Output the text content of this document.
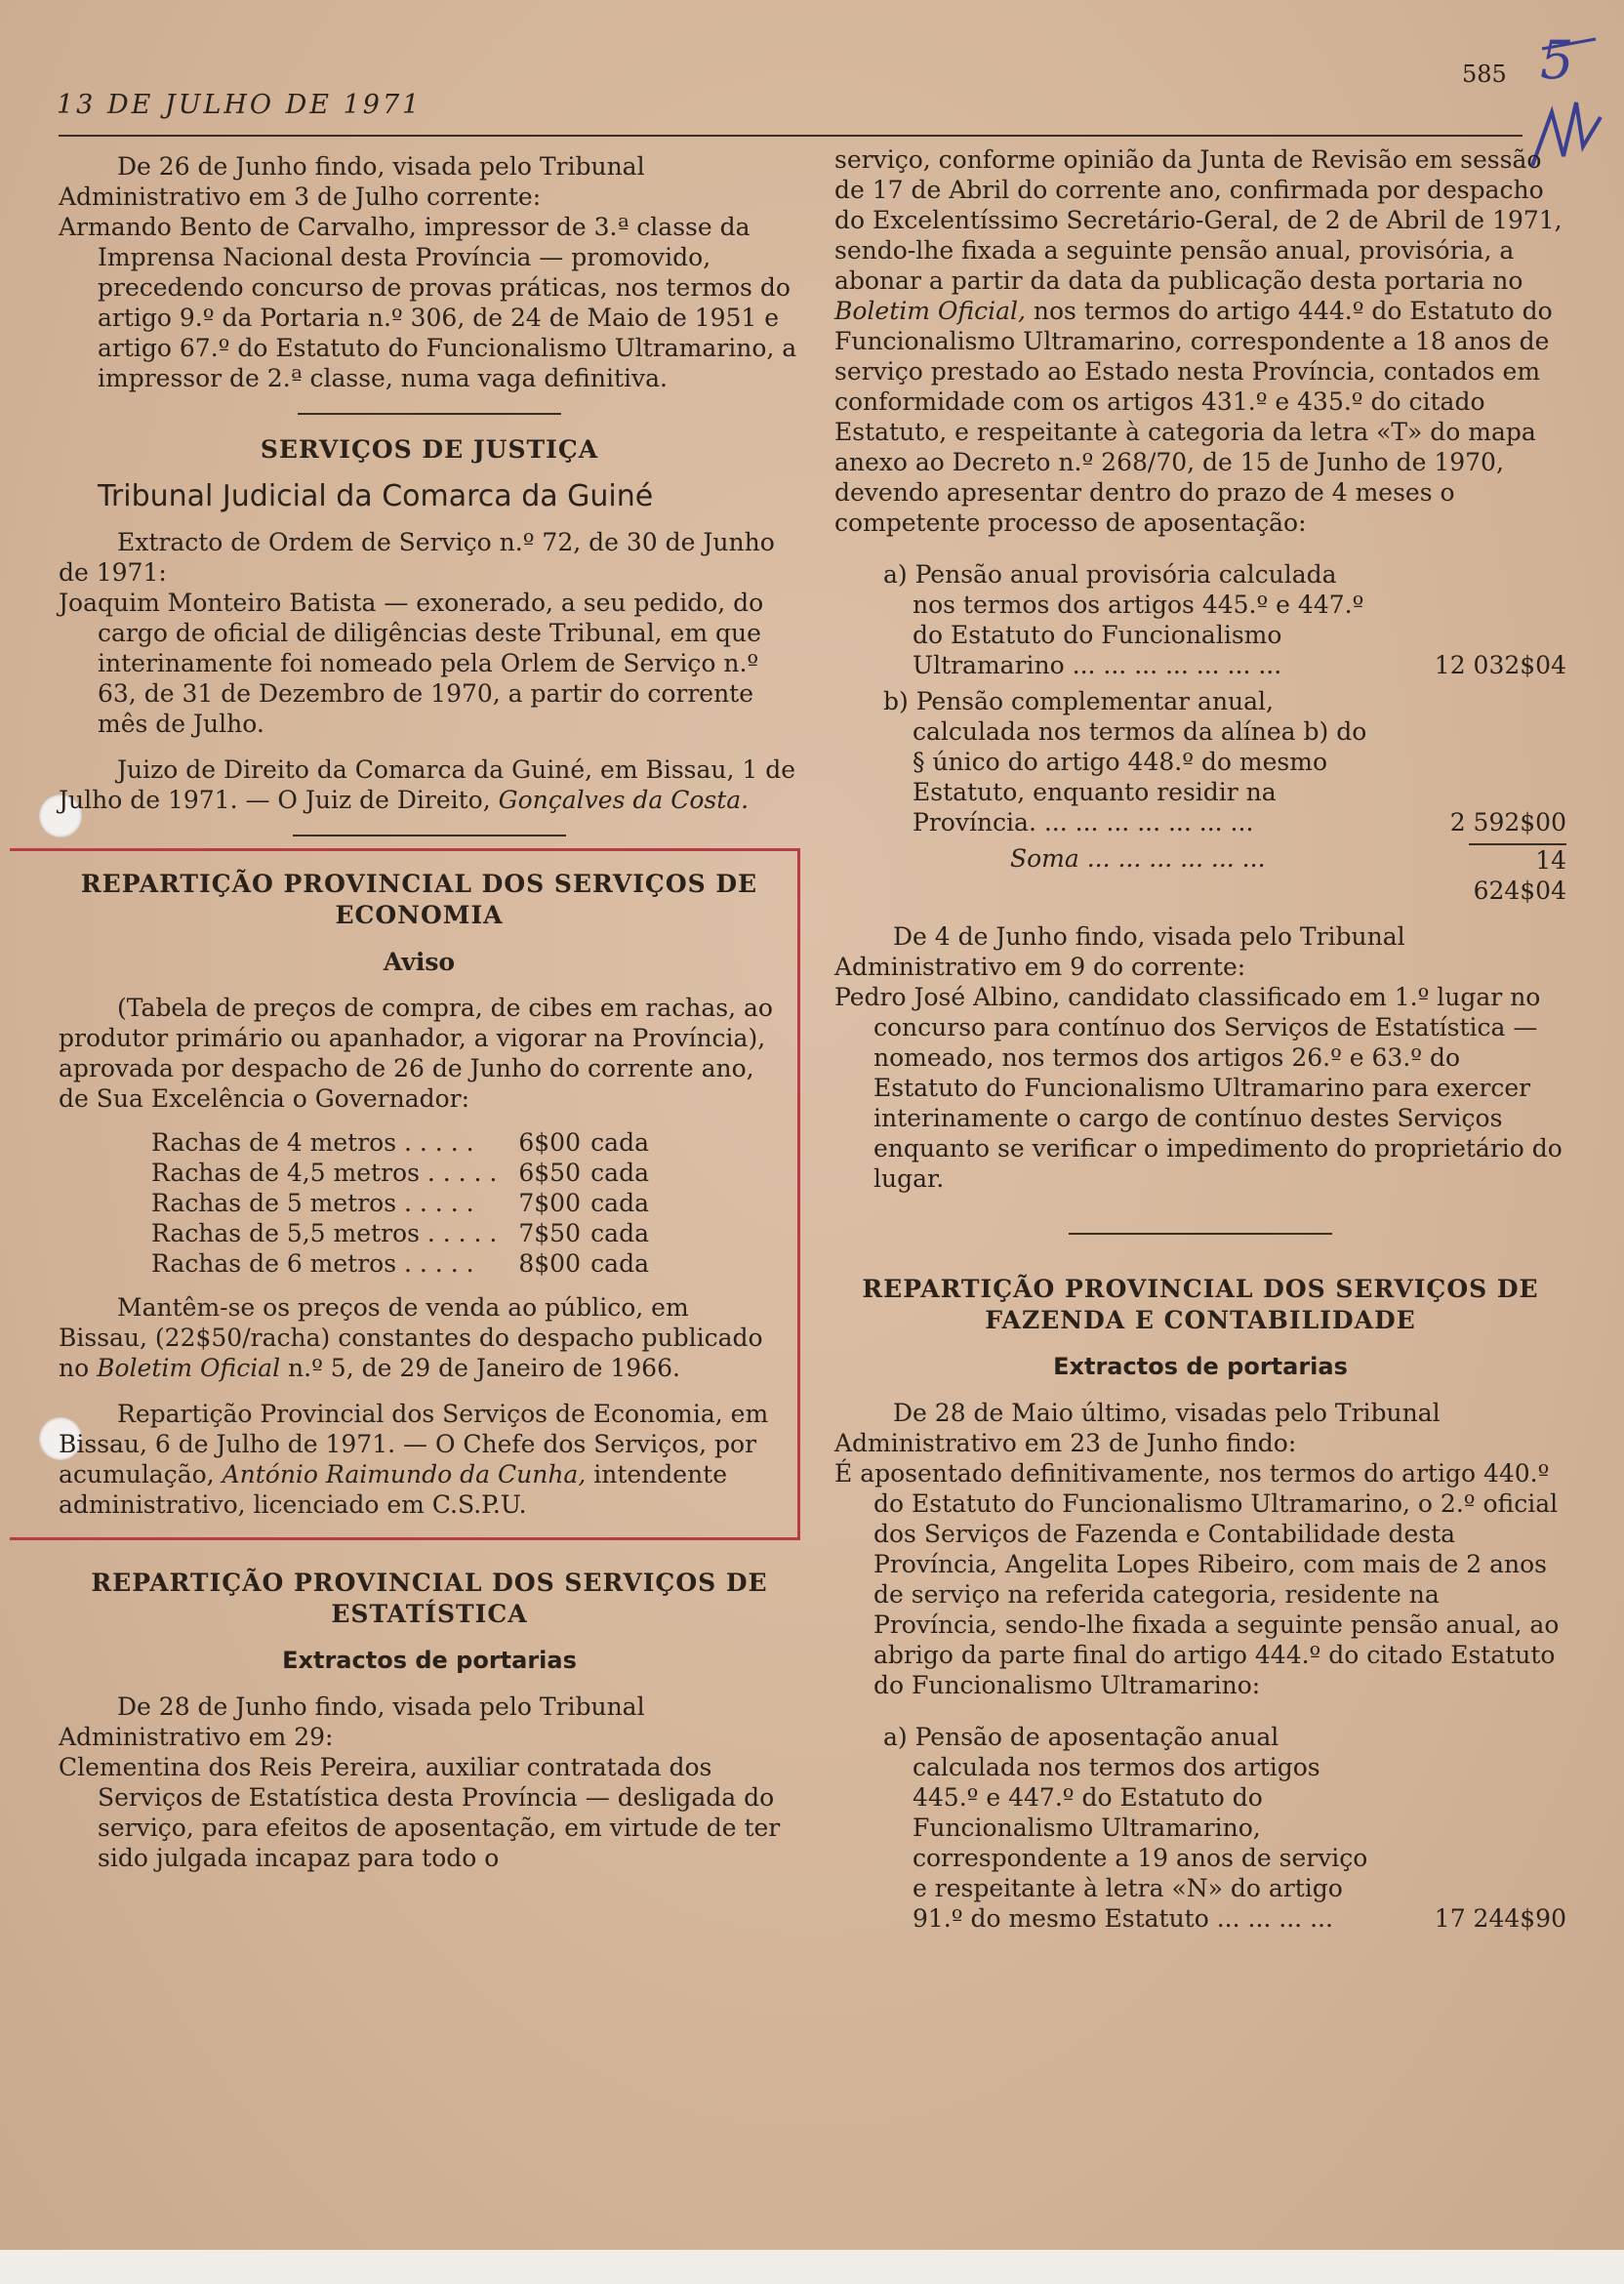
13 DE JULHO DE 1971
585 5

De 26 de Junho findo, visada pelo Tribunal Administrativo em 3 de Julho corrente:

Armando Bento de Carvalho, impressor de 3.ª classe da Imprensa Nacional desta Província — promovido, precedendo concurso de provas práticas, nos termos do artigo 9.º da Portaria n.º 306, de 24 de Maio de 1951 e artigo 67.º do Estatuto do Funcionalismo Ultramarino, a impressor de 2.ª classe, numa vaga definitiva.

SERVIÇOS DE JUSTIÇA
Tribunal Judicial da Comarca da Guiné

Extracto de Ordem de Serviço n.º 72, de 30 de Junho de 1971:

Joaquim Monteiro Batista — exonerado, a seu pedido, do cargo de oficial de diligências deste Tribunal, em que interinamente foi nomeado pela Orlem de Serviço n.º 63, de 31 de Dezembro de 1970, a partir do corrente mês de Julho.

Juizo de Direito da Comarca da Guiné, em Bissau, 1 de Julho de 1971. — O Juiz de Direito, Gonçalves da Costa.

REPARTIÇÃO PROVINCIAL DOS SERVIÇOS DE ECONOMIA
Aviso

(Tabela de preços de compra, de cibes em rachas, ao produtor primário ou apanhador, a vigorar na Província), aprovada por despacho de 26 de Junho do corrente ano, de Sua Excelência o Governador:

Rachas de 4 metros . . . . .	6$00 cada
Rachas de 4,5 metros . . . . . 6$50 cada
Rachas de 5 metros . . . . .	7$00 cada
Rachas de 5,5 metros . . . . . 7$50 cada
Rachas de 6 metros . . . . .	8$00 cada

Mantêm-se os preços de venda ao público, em Bissau, (22$50/racha) constantes do despacho publicado no Boletim Oficial n.º 5, de 29 de Janeiro de 1966.

Repartição Provincial dos Serviços de Economia, em Bissau, 6 de Julho de 1971. — O Chefe dos Serviços, por acumulação, António Raimundo da Cunha, intendente administrativo, licenciado em C.S.P.U.

REPARTIÇÃO PROVINCIAL DOS SERVIÇOS DE ESTATÍSTICA
Extractos de portarias

De 28 de Junho findo, visada pelo Tribunal Administrativo em 29:

Clementina dos Reis Pereira, auxiliar contratada dos Serviços de Estatística desta Província — desligada do serviço, para efeitos de aposentação, em virtude de ter sido julgada incapaz para todo o

serviço, conforme opinião da Junta de Revisão em sessão de 17 de Abril do corrente ano, confirmada por despacho do Excelentíssimo Secretário-Geral, de 2 de Abril de 1971, sendo-lhe fixada a seguinte pensão anual, provisória, a abonar a partir da data da publicação desta portaria no Boletim Oficial, nos termos do artigo 444.º do Estatuto do Funcionalismo Ultramarino, correspondente a 18 anos de serviço prestado ao Estado nesta Província, contados em conformidade com os artigos 431.º e 435.º do citado Estatuto, e respeitante à categoria da letra «T» do mapa anexo ao Decreto n.º 268/70, de 15 de Junho de 1970, devendo apresentar dentro do prazo de 4 meses o competente processo de aposentação:

a) Pensão anual provisória calculada nos termos dos artigos 445.º e 447.º do Estatuto do Funcionalismo Ultramarino ... ... ... ... ... ... ...	12 032$04
b) Pensão complementar anual, calculada nos termos da alínea b) do § único do artigo 448.º do mesmo Estatuto, enquanto residir na Província. ... ... ... ... ... ... ...	2 592$00
Soma ... ... ... ... ... ...	14 624$04

De 4 de Junho findo, visada pelo Tribunal Administrativo em 9 do corrente:

Pedro José Albino, candidato classificado em 1.º lugar no concurso para contínuo dos Serviços de Estatística — nomeado, nos termos dos artigos 26.º e 63.º do Estatuto do Funcionalismo Ultramarino para exercer interinamente o cargo de contínuo destes Serviços enquanto se verificar o impedimento do proprietário do lugar.

REPARTIÇÃO PROVINCIAL DOS SERVIÇOS DE FAZENDA E CONTABILIDADE
Extractos de portarias

De 28 de Maio último, visadas pelo Tribunal Administrativo em 23 de Junho findo:

É aposentado definitivamente, nos termos do artigo 440.º do Estatuto do Funcionalismo Ultramarino, o 2.º oficial dos Serviços de Fazenda e Contabilidade desta Província, Angelita Lopes Ribeiro, com mais de 2 anos de serviço na referida categoria, residente na Província, sendo-lhe fixada a seguinte pensão anual, ao abrigo da parte final do artigo 444.º do citado Estatuto do Funcionalismo Ultramarino:

a) Pensão de aposentação anual calculada nos termos dos artigos 445.º e 447.º do Estatuto do Funcionalismo Ultramarino, correspondente a 19 anos de serviço e respeitante à letra «N» do artigo 91.º do mesmo Estatuto ... ... ... ...	17 244$90
